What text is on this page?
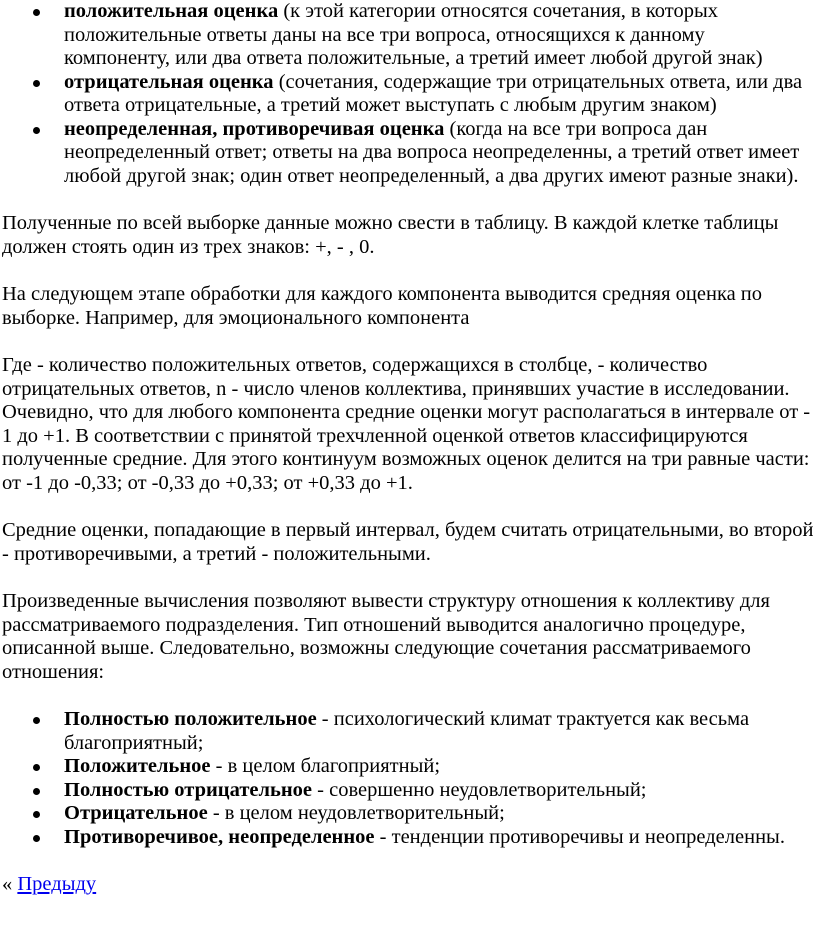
положительная оценка (к этой категории относятся сочетания, в которых положительные ответы даны на все три вопроса, относящихся к данному компоненту, или два ответа положительные, а третий имеет любой другой знак)
отрицательная оценка (сочетания, содержащие три отрицательных ответа, или два ответа отрицательные, а третий может выступать с любым другим знаком)
неопределенная, противоречивая оценка (когда на все три вопроса дан неопределенный ответ; ответы на два вопроса неопределенны, а третий ответ имеет любой другой знак; один ответ неопределенный, а два других имеют разные знаки).

Полученные по всей выборке данные можно свести в таблицу. В каждой клетке таблицы должен стоять один из трех знаков: +, - , 0.

На следующем этапе обработки для каждого компонента выводится средняя оценка по выборке. Например, для эмоционального компонента

Где - количество положительных ответов, содержащихся в столбце, - количество отрицательных ответов, n - число членов коллектива, принявших участие в исследовании. Очевидно, что для любого компонента средние оценки могут располагаться в интервале от - 1 до +1. В соответствии с принятой трехчленной оценкой ответов классифицируются полученные средние. Для этого континуум возможных оценок делится на три равные части: от -1 до -0,33; от -0,33 до +0,33; от +0,33 до +1.

Средние оценки, попадающие в первый интервал, будем считать отрицательными, во второй - противоречивыми, а третий - положительными.

Произведенные вычисления позволяют вывести структуру отношения к коллективу для рассматриваемого подразделения. Тип отношений выводится аналогично процедуре, описанной выше. Следовательно, возможны следующие сочетания рассматриваемого отношения:

Полностью положительное - психологический климат трактуется как весьма благоприятный;
Положительное - в целом благоприятный;
Полностью отрицательное - совершенно неудовлетворительный;
Отрицательное - в целом неудовлетворительный;
Противоречивое, неопределенное - тенденции противоречивы и неопределенны.

« Предыду
